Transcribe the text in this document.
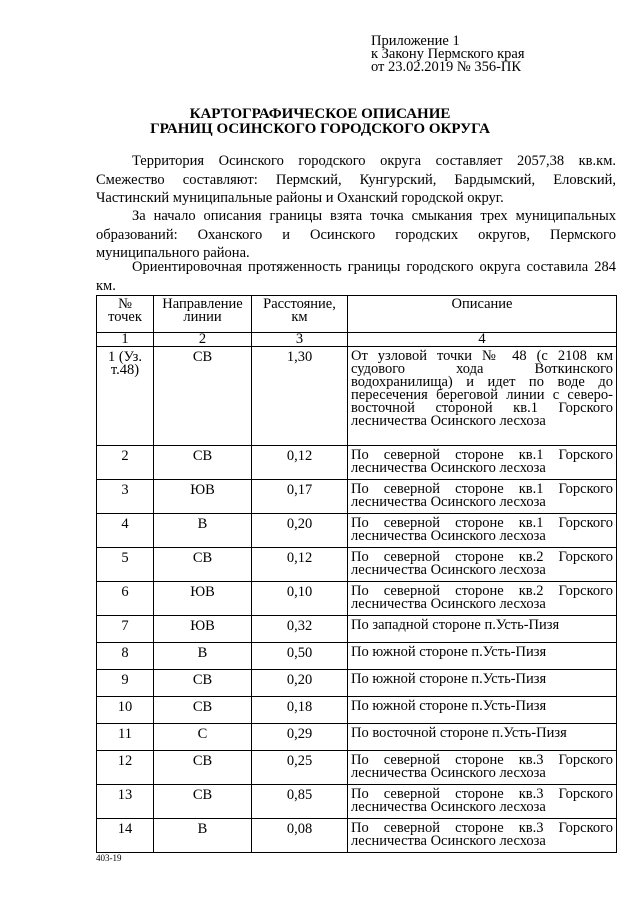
Приложение 1
к Закону Пермского края
от 23.02.2019 № 356-ПК
КАРТОГРАФИЧЕСКОЕ ОПИСАНИЕ
ГРАНИЦ ОСИНСКОГО ГОРОДСКОГО ОКРУГА
Территория Осинского городского округа составляет 2057,38 кв.км. Смежество составляют: Пермский, Кунгурский, Бардымский, Еловский, Частинский муниципальные районы и Оханский городской округ.
За начало описания границы взята точка смыкания трех муниципальных образований: Оханского и Осинского городских округов, Пермского муниципального района.
Ориентировочная протяженность границы городского округа составила 284 км.
№ точек	Направление линии	Расстояние, км	Описание
1	2	3	4
1 (Уз. т.48)	СВ	1,30	От узловой точки № 48 (с 2108 км судового хода Воткинского водохранилища) и идет по воде до пересечения береговой линии с северо-восточной стороной кв.1 Горского лесничества Осинского лесхоза
2	СВ	0,12	По северной стороне кв.1 Горского лесничества Осинского лесхоза
3	ЮВ	0,17	По северной стороне кв.1 Горского лесничества Осинского лесхоза
4	В	0,20	По северной стороне кв.1 Горского лесничества Осинского лесхоза
5	СВ	0,12	По северной стороне кв.2 Горского лесничества Осинского лесхоза
6	ЮВ	0,10	По северной стороне кв.2 Горского лесничества Осинского лесхоза
7	ЮВ	0,32	По западной стороне п.Усть-Пизя
8	В	0,50	По южной стороне п.Усть-Пизя
9	СВ	0,20	По южной стороне п.Усть-Пизя
10	СВ	0,18	По южной стороне п.Усть-Пизя
11	С	0,29	По восточной стороне п.Усть-Пизя
12	СВ	0,25	По северной стороне кв.3 Горского лесничества Осинского лесхоза
13	СВ	0,85	По северной стороне кв.3 Горского лесничества Осинского лесхоза
14	В	0,08	По северной стороне кв.3 Горского лесничества Осинского лесхоза
403-19
